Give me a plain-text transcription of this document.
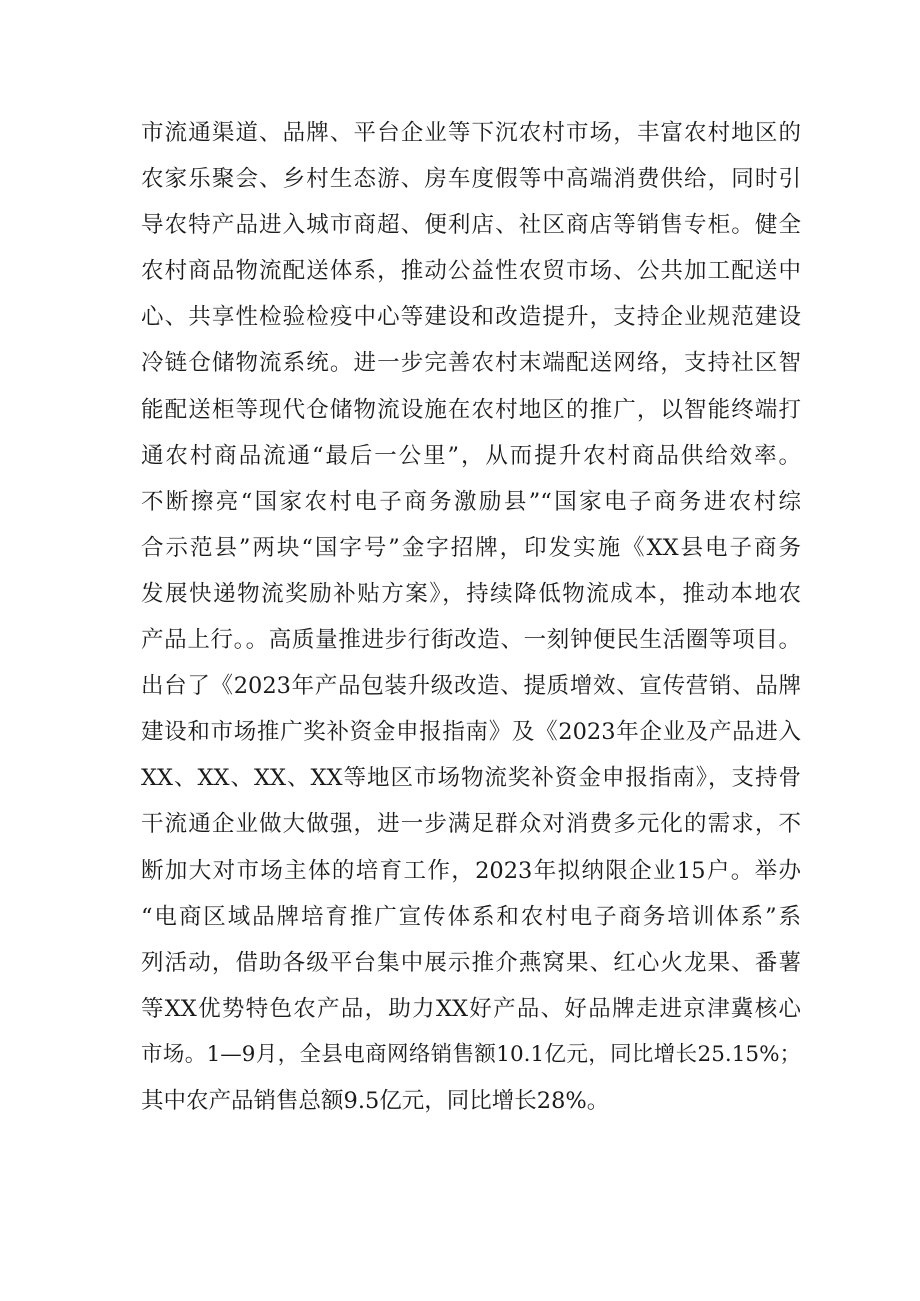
市流通渠道、品牌、平台企业等下沉农村市场，丰富农村地区的
农家乐聚会、乡村生态游、房车度假等中高端消费供给，同时引
导农特产品进入城市商超、便利店、社区商店等销售专柜。健全
农村商品物流配送体系，推动公益性农贸市场、公共加工配送中
心、共享性检验检疫中心等建设和改造提升，支持企业规范建设
冷链仓储物流系统。进一步完善农村末端配送网络，支持社区智
能配送柜等现代仓储物流设施在农村地区的推广，以智能终端打
通农村商品流通“最后一公里”，从而提升农村商品供给效率。
不断擦亮“国家农村电子商务激励县”“国家电子商务进农村综
合示范县”两块“国字号”金字招牌，印发实施《XX县电子商务
发展快递物流奖励补贴方案》，持续降低物流成本，推动本地农
产品上行。。高质量推进步行街改造、一刻钟便民生活圈等项目。
出台了《2023年产品包装升级改造、提质增效、宣传营销、品牌
建设和市场推广奖补资金申报指南》及《2023年企业及产品进入
XX、XX、XX、XX等地区市场物流奖补资金申报指南》，支持骨
干流通企业做大做强，进一步满足群众对消费多元化的需求，不
断加大对市场主体的培育工作，2023年拟纳限企业15户。举办
“电商区域品牌培育推广宣传体系和农村电子商务培训体系”系
列活动，借助各级平台集中展示推介燕窝果、红心火龙果、番薯
等XX优势特色农产品，助力XX好产品、好品牌走进京津冀核心
市场。1—9月，全县电商网络销售额10.1亿元，同比增长25.15%；
其中农产品销售总额9.5亿元，同比增长28%。
